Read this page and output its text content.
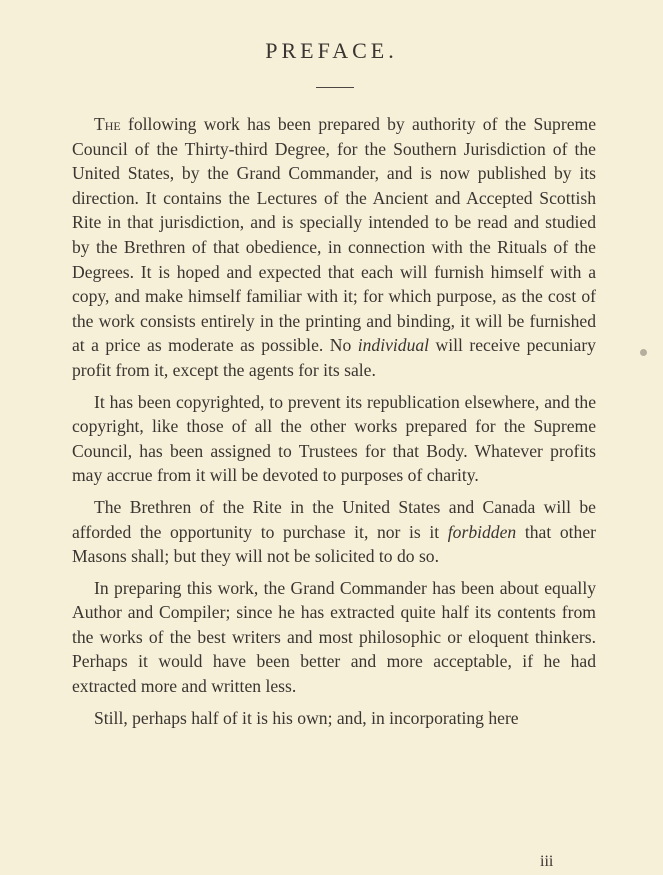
PREFACE.

The following work has been prepared by authority of the Supreme Council of the Thirty-third Degree, for the Southern Jurisdiction of the United States, by the Grand Commander, and is now published by its direction. It contains the Lectures of the Ancient and Accepted Scottish Rite in that jurisdiction, and is specially intended to be read and studied by the Brethren of that obedience, in connection with the Rituals of the Degrees. It is hoped and expected that each will furnish himself with a copy, and make himself familiar with it; for which purpose, as the cost of the work consists entirely in the printing and binding, it will be furnished at a price as moderate as possible. No individual will receive pecuniary profit from it, except the agents for its sale.

It has been copyrighted, to prevent its republication elsewhere, and the copyright, like those of all the other works prepared for the Supreme Council, has been assigned to Trustees for that Body. Whatever profits may accrue from it will be devoted to purposes of charity.

The Brethren of the Rite in the United States and Canada will be afforded the opportunity to purchase it, nor is it forbidden that other Masons shall; but they will not be solicited to do so.

In preparing this work, the Grand Commander has been about equally Author and Compiler; since he has extracted quite half its contents from the works of the best writers and most philosophic or eloquent thinkers. Perhaps it would have been better and more acceptable, if he had extracted more and written less.

Still, perhaps half of it is his own; and, in incorporating here

iii
